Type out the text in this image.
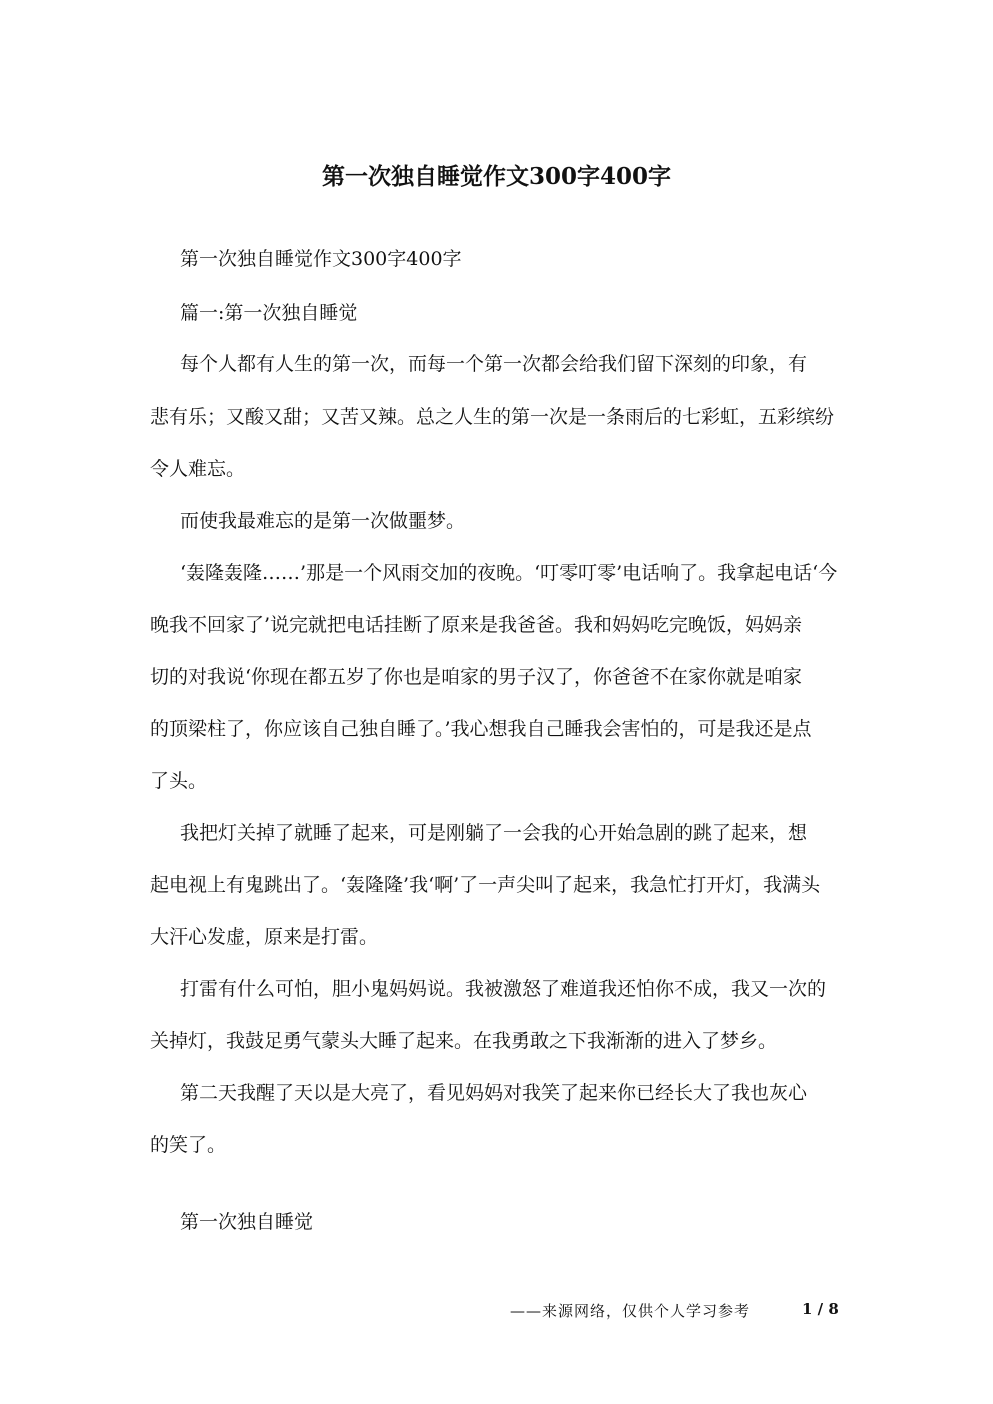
第一次独自睡觉作文300字400字
第一次独自睡觉作文300字400字
篇一:第一次独自睡觉
每个人都有人生的第一次，而每一个第一次都会给我们留下深刻的印象，有
悲有乐；又酸又甜；又苦又辣。总之人生的第一次是一条雨后的七彩虹，五彩缤纷
令人难忘。
而使我最难忘的是第一次做噩梦。
‘轰隆轰隆……’那是一个风雨交加的夜晚。‘叮零叮零’电话响了。我拿起电话‘今
晚我不回家了’说完就把电话挂断了原来是我爸爸。我和妈妈吃完晚饭，妈妈亲
切的对我说‘你现在都五岁了你也是咱家的男子汉了，你爸爸不在家你就是咱家
的顶梁柱了，你应该自己独自睡了。’我心想我自己睡我会害怕的，可是我还是点
了头。
我把灯关掉了就睡了起来，可是刚躺了一会我的心开始急剧的跳了起来，想
起电视上有鬼跳出了。‘轰隆隆’我‘啊’了一声尖叫了起来，我急忙打开灯，我满头
大汗心发虚，原来是打雷。
打雷有什么可怕，胆小鬼妈妈说。我被激怒了难道我还怕你不成，我又一次的
关掉灯，我鼓足勇气蒙头大睡了起来。在我勇敢之下我渐渐的进入了梦乡。
第二天我醒了天以是大亮了，看见妈妈对我笑了起来你已经长大了我也灰心
的笑了。
第一次独自睡觉
——来源网络，仅供个人学习参考	1 / 8
